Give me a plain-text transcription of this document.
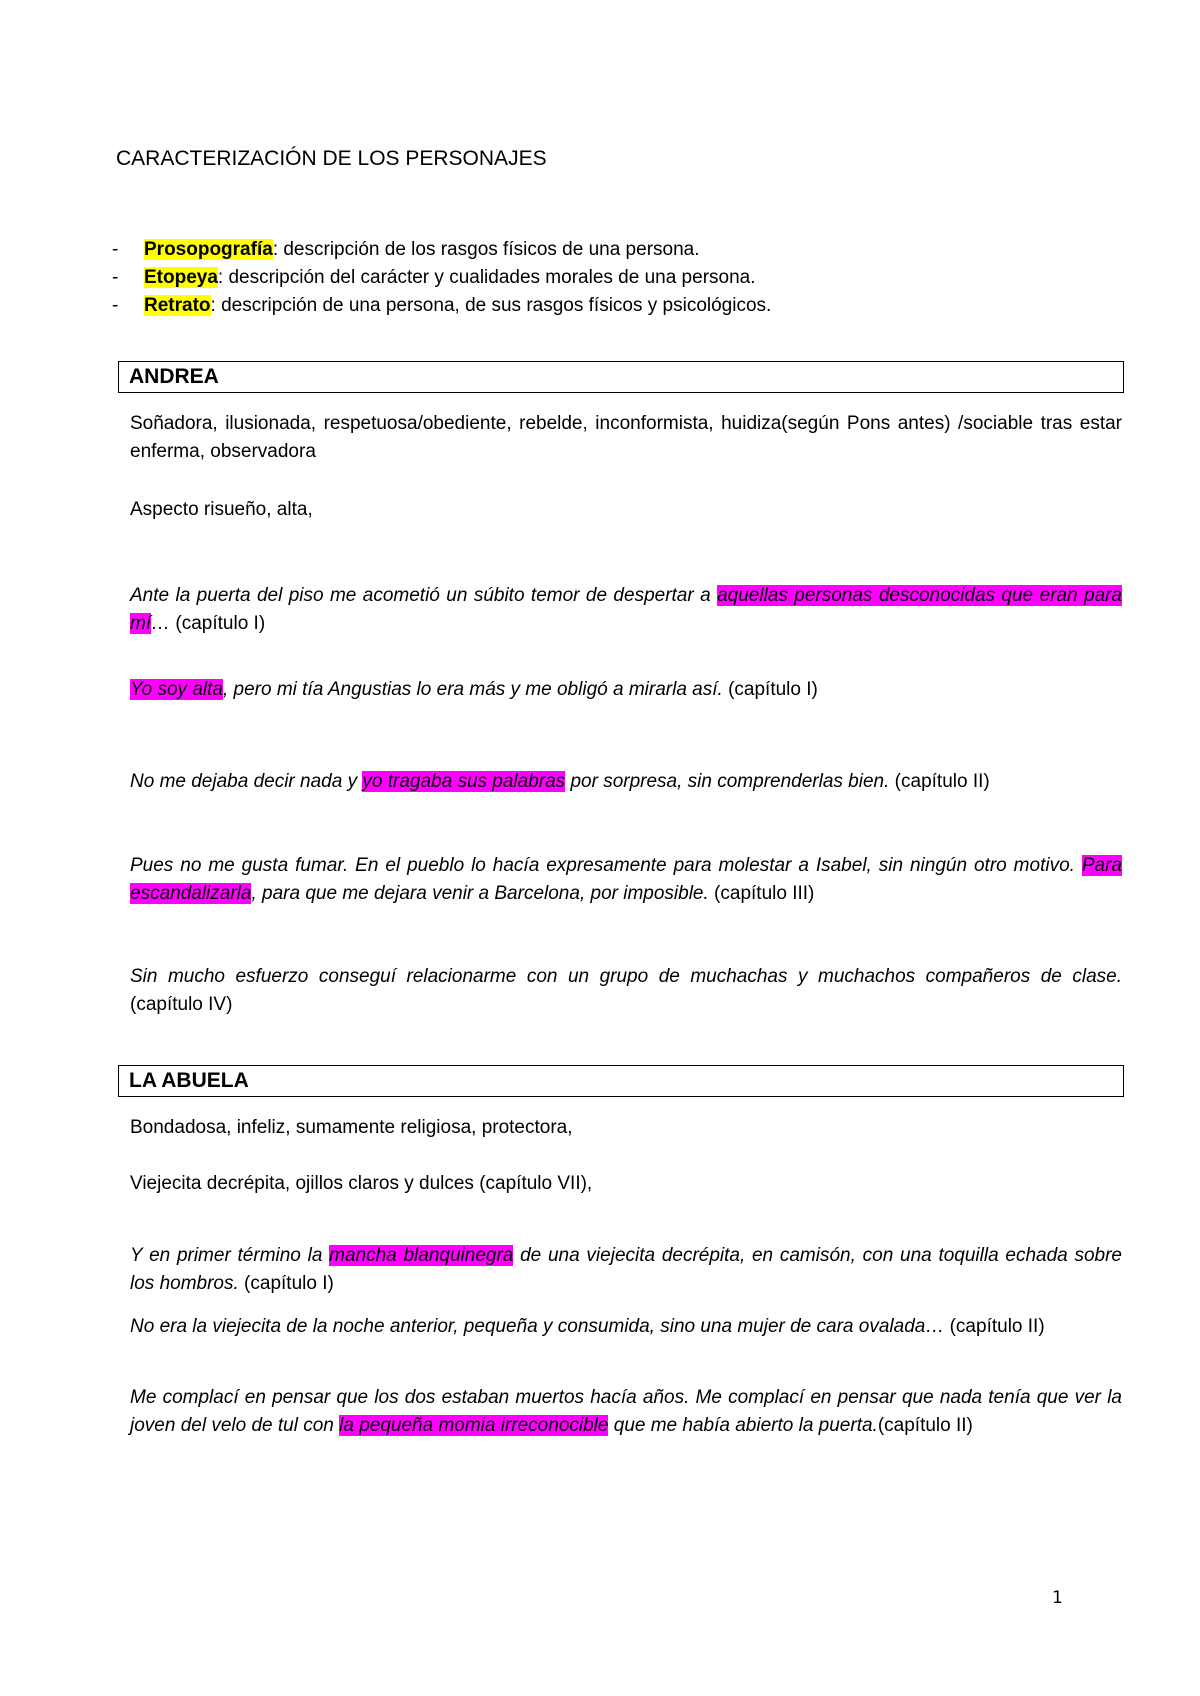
CARACTERIZACIÓN DE LOS PERSONAJES
- Prosopografía: descripción de los rasgos físicos de una persona.
- Etopeya: descripción del carácter y cualidades morales de una persona.
- Retrato: descripción de una persona, de sus rasgos físicos y psicológicos.
ANDREA

Soñadora, ilusionada, respetuosa/obediente, rebelde, inconformista, huidiza(según Pons antes) /sociable tras estar enferma, observadora

Aspecto risueño, alta,

Ante la puerta del piso me acometió un súbito temor de despertar a aquellas personas desconocidas que eran para mí… (capítulo I)

Yo soy alta, pero mi tía Angustias lo era más y me obligó a mirarla así. (capítulo I)

No me dejaba decir nada y yo tragaba sus palabras por sorpresa, sin comprenderlas bien. (capítulo II)

Pues no me gusta fumar. En el pueblo lo hacía expresamente para molestar a Isabel, sin ningún otro motivo. Para escandalizarla, para que me dejara venir a Barcelona, por imposible. (capítulo III)

Sin mucho esfuerzo conseguí relacionarme con un grupo de muchachas y muchachos compañeros de clase. (capítulo IV)

LA ABUELA

Bondadosa, infeliz, sumamente religiosa, protectora,

Viejecita decrépita, ojillos claros y dulces (capítulo VII),

Y en primer término la mancha blanquinegra de una viejecita decrépita, en camisón, con una toquilla echada sobre los hombros. (capítulo I)

No era la viejecita de la noche anterior, pequeña y consumida, sino una mujer de cara ovalada… (capítulo II)

Me complací en pensar que los dos estaban muertos hacía años. Me complací en pensar que nada tenía que ver la joven del velo de tul con la pequeña momia irreconocible que me había abierto la puerta.(capítulo II)

1
